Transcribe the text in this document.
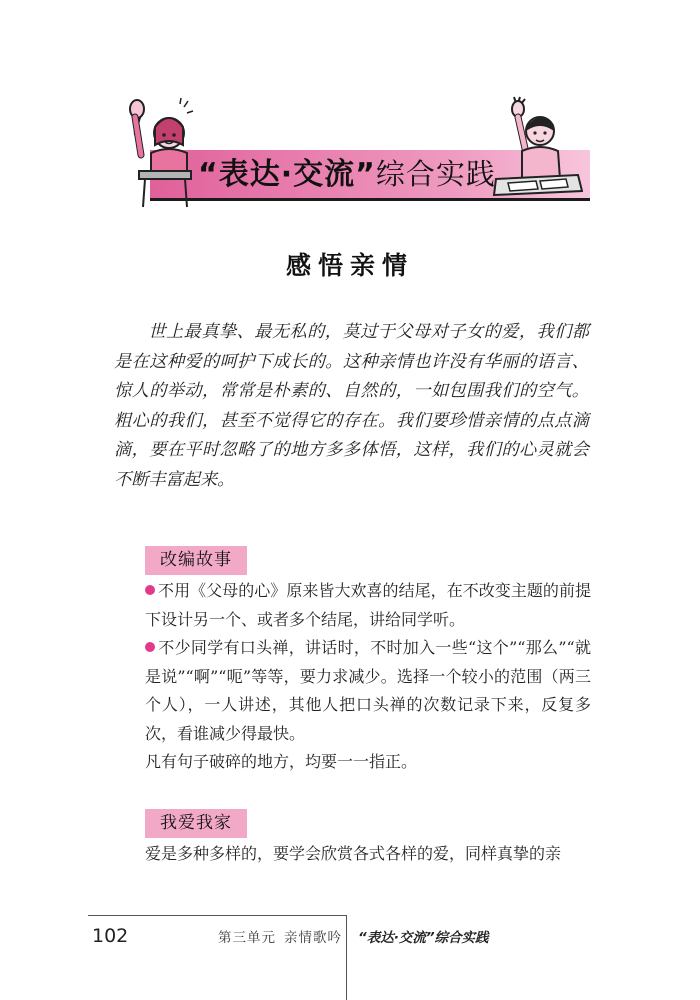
“表达·交流”综合实践
感悟亲情

世上最真挚、最无私的，莫过于父母对子女的爱，我们都是在这种爱的呵护下成长的。这种亲情也许没有华丽的语言、惊人的举动，常常是朴素的、自然的，一如包围我们的空气。粗心的我们，甚至不觉得它的存在。我们要珍惜亲情的点点滴滴，要在平时忽略了的地方多多体悟，这样，我们的心灵就会不断丰富起来。

改编故事

不用《父母的心》原来皆大欢喜的结尾，在不改变主题的前提下设计另一个、或者多个结尾，讲给同学听。

不少同学有口头禅，讲话时，不时加入一些“这个”“那么”“就是说”“啊”“呃”等等，要力求减少。选择一个较小的范围（两三个人），一人讲述，其他人把口头禅的次数记录下来，反复多次，看谁减少得最快。

凡有句子破碎的地方，均要一一指正。

我爱我家

爱是多种多样的，要学会欣赏各式各样的爱，同样真挚的亲

102	第三单元 亲情歌吟 “表达·交流”综合实践
